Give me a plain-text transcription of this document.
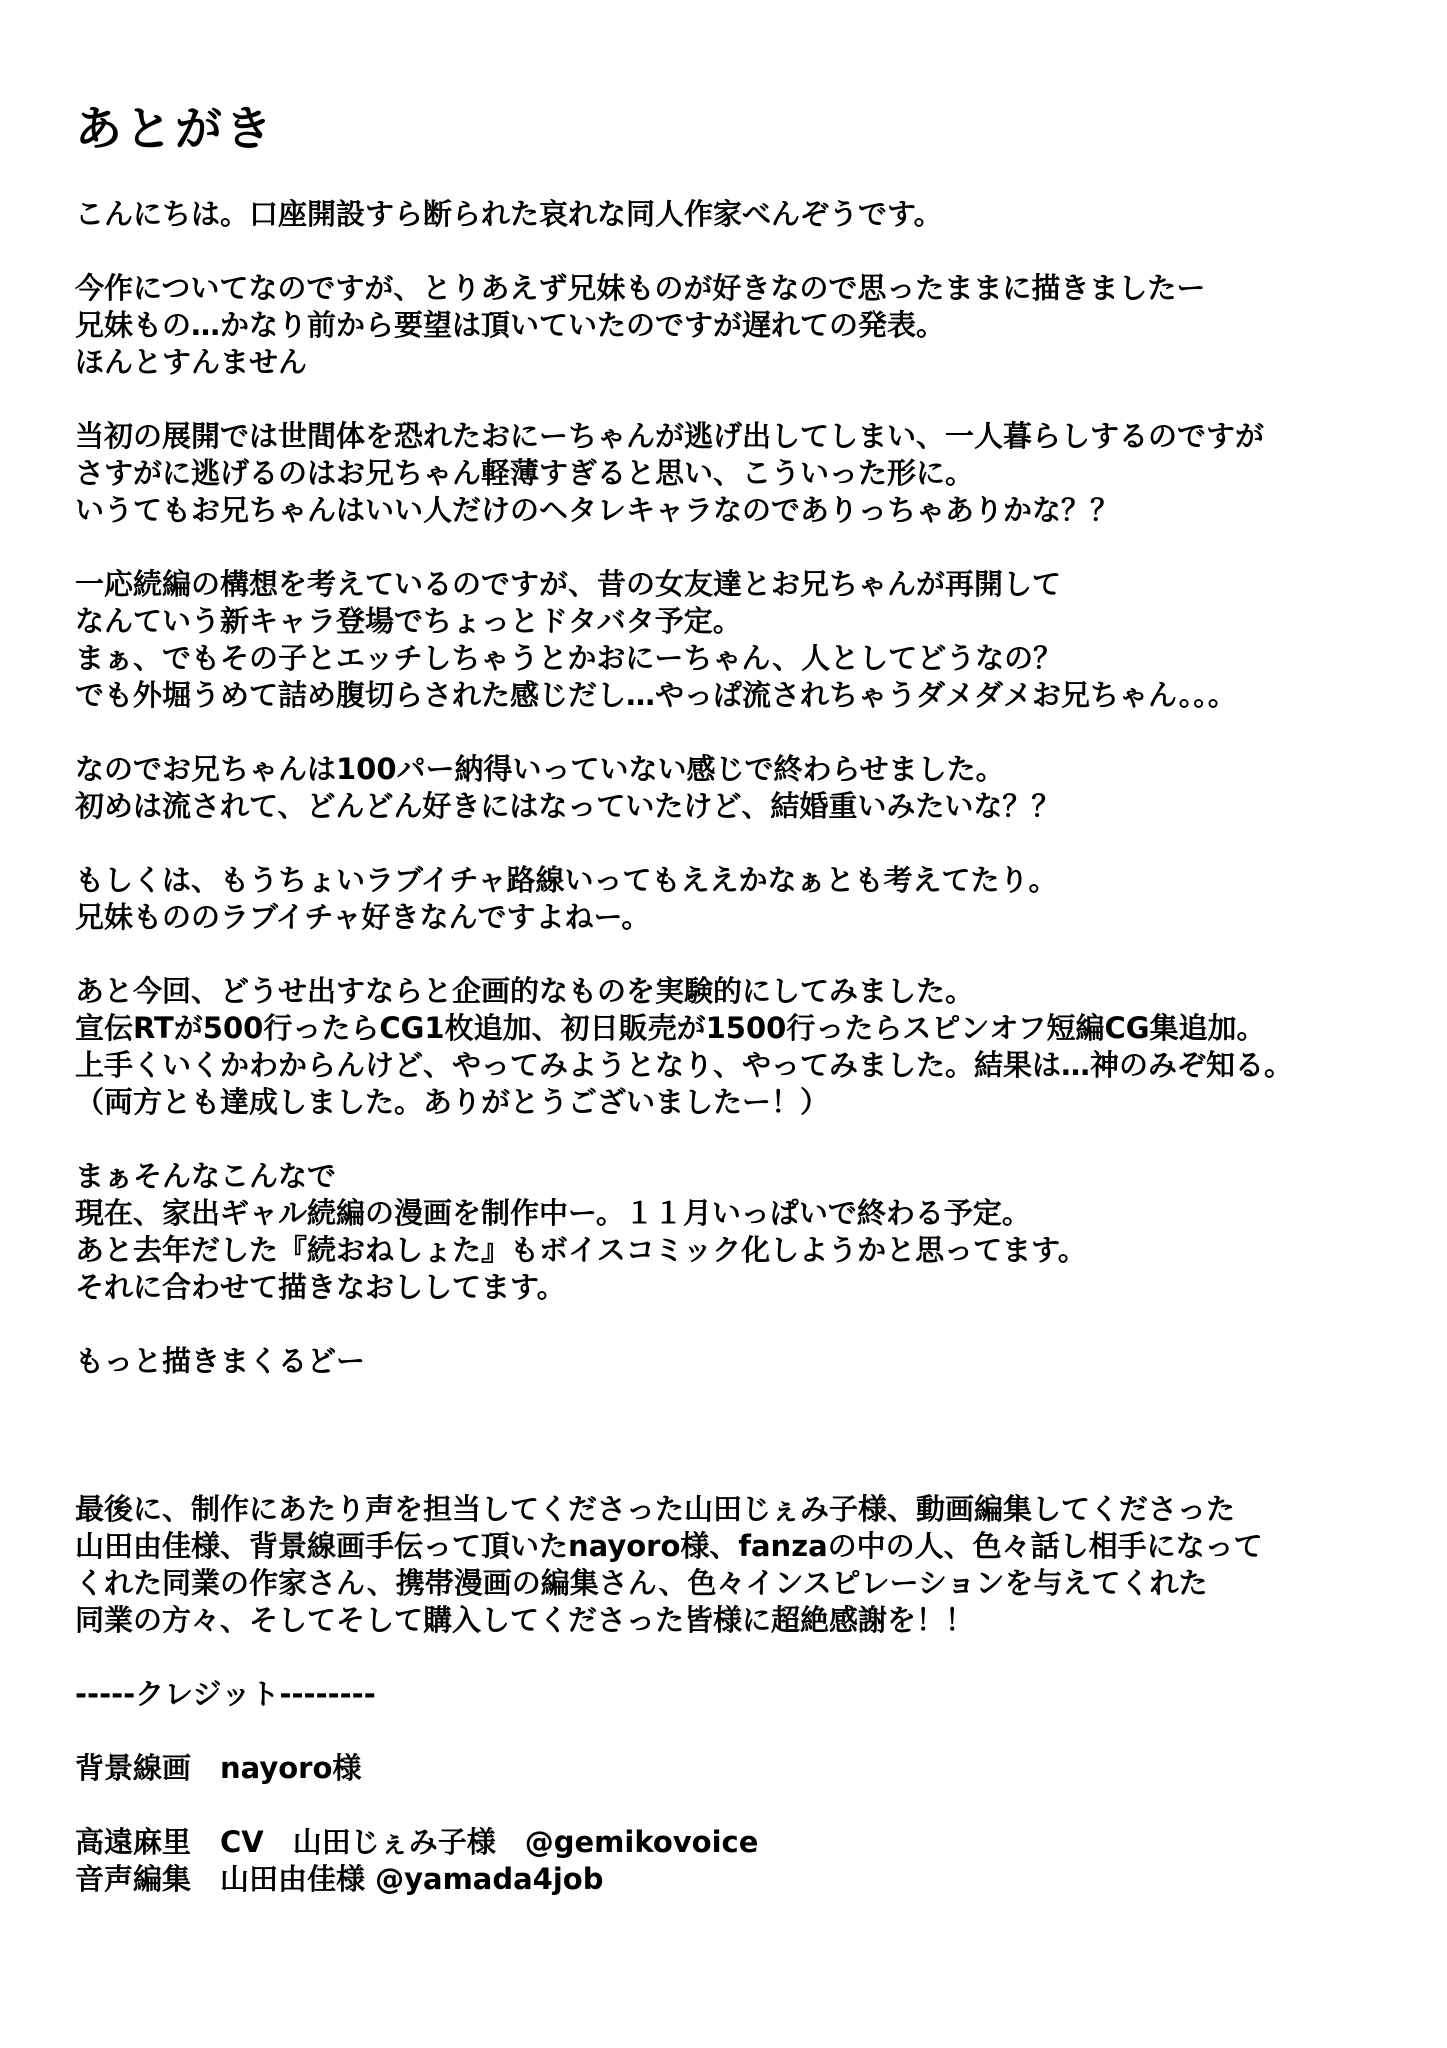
あとがき
こんにちは。口座開設すら断られた哀れな同人作家べんぞうです。
今作についてなのですが、とりあえず兄妹ものが好きなので思ったままに描きましたー
兄妹もの…かなり前から要望は頂いていたのですが遅れての発表。
ほんとすんません
当初の展開では世間体を恐れたおにーちゃんが逃げ出してしまい、一人暮らしするのですが
さすがに逃げるのはお兄ちゃん軽薄すぎると思い、こういった形に。
いうてもお兄ちゃんはいい人だけのヘタレキャラなのでありっちゃありかな？？
一応続編の構想を考えているのですが、昔の女友達とお兄ちゃんが再開して
なんていう新キャラ登場でちょっとドタバタ予定。
まぁ、でもその子とエッチしちゃうとかおにーちゃん、人としてどうなの？
でも外堀うめて詰め腹切らされた感じだし…やっぱ流されちゃうダメダメお兄ちゃん。。。
なのでお兄ちゃんは100パー納得いっていない感じで終わらせました。
初めは流されて、どんどん好きにはなっていたけど、結婚重いみたいな？？
もしくは、もうちょいラブイチャ路線いってもええかなぁとも考えてたり。
兄妹もののラブイチャ好きなんですよねー。
あと今回、どうせ出すならと企画的なものを実験的にしてみました。
宣伝RTが500行ったらCG1枚追加、初日販売が1500行ったらスピンオフ短編CG集追加。
上手くいくかわからんけど、やってみようとなり、やってみました。結果は…神のみぞ知る。
（両方とも達成しました。ありがとうございましたー！）
まぁそんなこんなで
現在、家出ギャル続編の漫画を制作中ー。１１月いっぱいで終わる予定。
あと去年だした『続おねしょた』もボイスコミック化しようかと思ってます。
それに合わせて描きなおししてます。
もっと描きまくるどー
最後に、制作にあたり声を担当してくださった山田じぇみ子様、動画編集してくださった
山田由佳様、背景線画手伝って頂いたnayoro様、fanzaの中の人、色々話し相手になって
くれた同業の作家さん、携帯漫画の編集さん、色々インスピレーションを与えてくれた
同業の方々、そしてそして購入してくださった皆様に超絶感謝を！！
-----クレジット--------
背景線画　nayoro様
高遠麻里　CV　山田じぇみ子様　@gemikovoice
音声編集　山田由佳様 @yamada4job
